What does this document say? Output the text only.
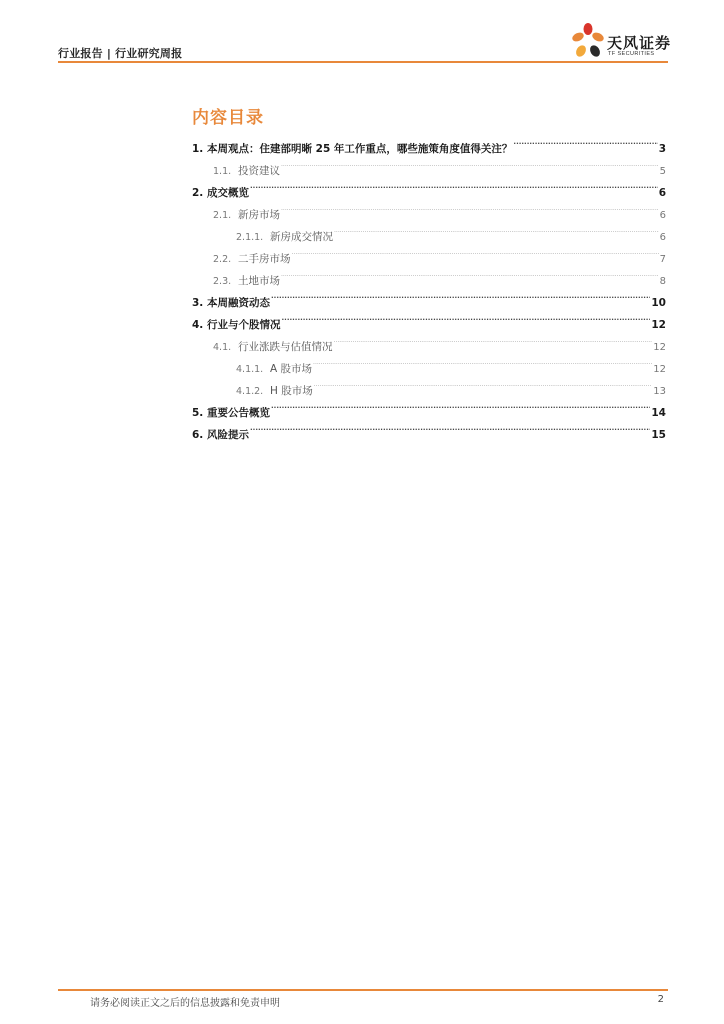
行业报告 | 行业研究周报
天风证券
TF SECURITIES
内容目录
1. 本周观点：住建部明晰 25 年工作重点，哪些施策角度值得关注？ .....	3
1.1. 投资建议 .....	5
2. 成交概览 .....	6
2.1. 新房市场 .....	6
2.1.1. 新房成交情况 .....	6
2.2. 二手房市场 .....	7
2.3. 土地市场 .....	8
3. 本周融资动态 .....	10
4. 行业与个股情况 .....	12
4.1. 行业涨跌与估值情况 .....	12
4.1.1. A 股市场 .....	12
4.1.2. H 股市场 .....	13
5. 重要公告概览 .....	14
6. 风险提示 .....	15
请务必阅读正文之后的信息披露和免责申明	2
